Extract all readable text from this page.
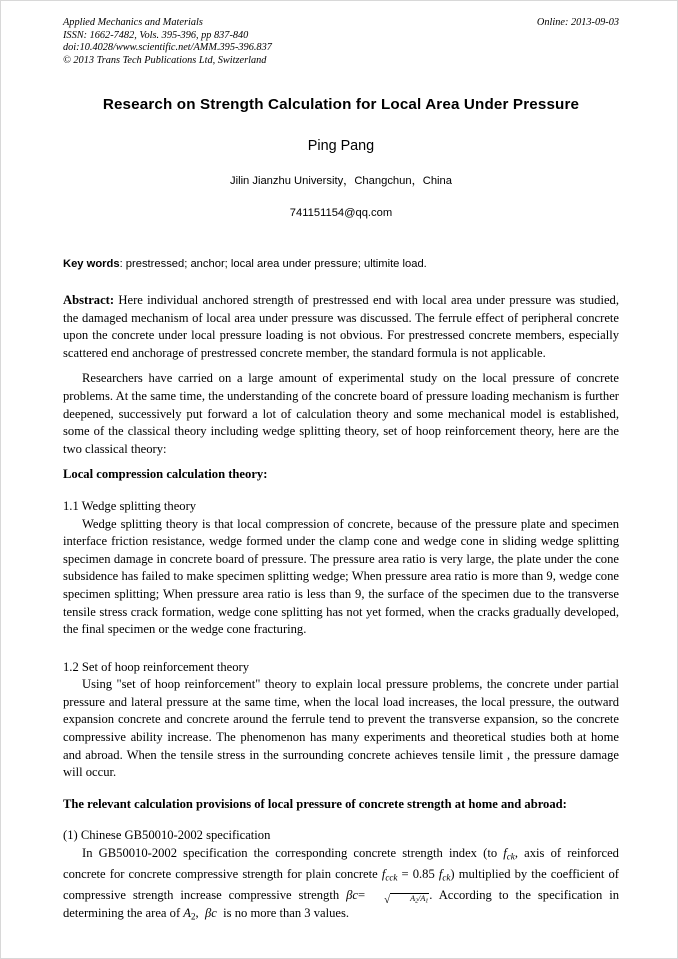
Applied Mechanics and Materials
ISSN: 1662-7482, Vols. 395-396, pp 837-840
doi:10.4028/www.scientific.net/AMM.395-396.837
© 2013 Trans Tech Publications Ltd, Switzerland
Online: 2013-09-03
Research on Strength Calculation for Local Area Under Pressure
Ping Pang
Jilin Jianzhu University，Changchun，China
741151154@qq.com
Key words: prestressed; anchor; local area under pressure; ultimite load.

Abstract: Here individual anchored strength of prestressed end with local area under pressure was studied, the damaged mechanism of local area under pressure was discussed. The ferrule effect of peripheral concrete upon the concrete under local pressure loading is not obvious. For prestressed concrete members, especially scattered end anchorage of prestressed concrete member, the standard formula is not applicable.

Researchers have carried on a large amount of experimental study on the local pressure of concrete problems. At the same time, the understanding of the concrete board of pressure loading mechanism is further deepened, successively put forward a lot of calculation theory and some mechanical model is established, some of the classical theory including wedge splitting theory, set of hoop reinforcement theory, here are the two classical theory:

Local compression calculation theory:

1.1 Wedge splitting theory

Wedge splitting theory is that local compression of concrete, because of the pressure plate and specimen interface friction resistance, wedge formed under the clamp cone and wedge cone in sliding wedge splitting specimen damage in concrete board of pressure. The pressure area ratio is very large, the plate under the cone subsidence has failed to make specimen splitting wedge; When pressure area ratio is more than 9, wedge cone specimen splitting; When pressure area ratio is less than 9, the surface of the specimen due to the transverse tensile stress crack formation, wedge cone splitting has not yet formed, when the cracks gradually developed, the final specimen or the wedge cone fracturing.

1.2 Set of hoop reinforcement theory

Using "set of hoop reinforcement" theory to explain local pressure problems, the concrete under partial pressure and lateral pressure at the same time, when the local load increases, the local pressure, the outward expansion concrete and concrete around the ferrule tend to prevent the transverse expansion, so the concrete compressive ability increase. The phenomenon has many experiments and theoretical studies both at home and abroad. When the tensile stress in the surrounding concrete achieves tensile limit , the pressure damage will occur.

The relevant calculation provisions of local pressure of concrete strength at home and abroad:

(1) Chinese GB50010-2002 specification

In GB50010-2002 specification the corresponding concrete strength index (to $f_{ck}$, axis of reinforced concrete for concrete compressive strength for plain concrete $f_{cck} = 0.85$ $f_{ck}$) multiplied by the coefficient of compressive strength increase compressive strength βc=	√ A2/A1. According to the specification in determining the area of A2, βc is no more than 3 values.
